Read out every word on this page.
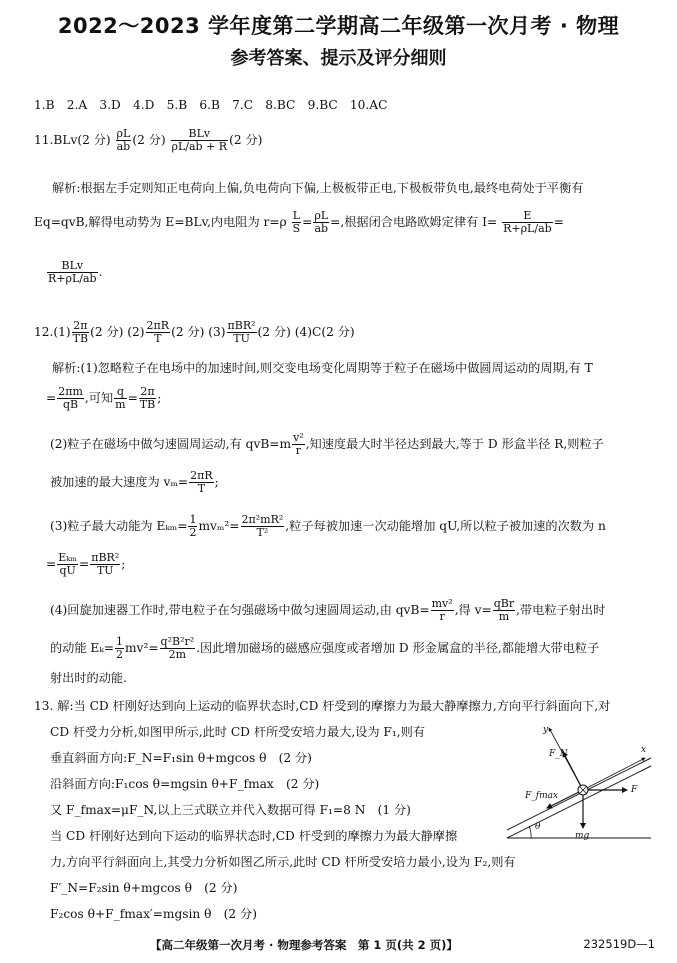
2022～2023 学年度第二学期高二年级第一次月考 · 物理
参考答案、提示及评分细则
1.B　2.A　3.D　4.D　5.B　6.B　7.C　8.BC　9.BC　10.AC
11.BLv(2 分) $\frac{\rho L}{ab} (2$ 分)	BLv
ρL/ab + R (2 分)
解析:根据左手定则知正电荷向上偏,负电荷向下偏,上极板带正电,下极板带负电,最终电荷处于平衡有
Eq=qvB,解得电动势为 E=BLv,内电阻为 $r=\rho \frac{L}{S} = \frac{\rho L}{ab}$ =,根据闭合电路欧姆定律有 $I= \frac{E}{R+\rho L/ab}$ =
BLv
R+ρL/ab .
$12.(1) \frac{2\pi}{TB} (2$ 分) $(2) \frac{2\pi R}{T} (2$ 分) (3) πBR²
TU (2 分) (4)C(2 分)
解析:(1)忽略粒子在电场中的加速时间,则交变电场变化周期等于粒子在磁场中做圆周运动的周期,有 T
= $\frac{2\pi m}{qB}$ ,可知 $\frac{q}{m} = \frac{2\pi}{TB}$ ;
(2)粒子在磁场中做匀速圆周运动,有 $qvB=m \frac{\text{v²}}{r}$ ,知速度最大时半径达到最大,等于 D 形盒半径 R,则粒子
被加速的最大速度为 $v_m= \frac{2\pi R}{T}$ ;
(3)粒子最大动能为 $E_{km}= \frac{1}{2} mv_m^2= \frac{\text{2π²mR²}}{\text{T²}}$ ,粒子每被加速一次动能增加 qU,所以粒子被加速的次数为 n
= Eₖₘ
qU = πBR²
TU ;
(4)回旋加速器工作时,带电粒子在匀强磁场中做匀速圆周运动,由 $qvB= \frac{\text{mv²}}{r}$ ,得 v= qBr
m ,带电粒子射出时
的动能 $E_k= \frac{1}{2} mv^2= \frac{\text{q²B²r²}}{2m}$ .因此增加磁场的磁感应强度或者增加 D 形金属盒的半径,都能增大带电粒子
射出时的动能.
13. 解:当 CD 杆刚好达到向上运动的临界状态时,CD 杆受到的摩擦力为最大静摩擦力,方向平行斜面向下,对
CD 杆受力分析,如图甲所示,此时 CD 杆所受安培力最大,设为 F₁,则有
垂直斜面方向:F_N=F₁sin θ+mgcos θ　(2 分)
沿斜面方向:F₁cos θ=mgsin θ+F_fmax　(2 分)
又 F_fmax=μF_N,以上三式联立并代入数据可得 F₁=8 N　(1 分)
当 CD 杆刚好达到向下运动的临界状态时,CD 杆受到的摩擦力为最大静摩擦
力,方向平行斜面向上,其受力分析如图乙所示,此时 CD 杆所受安培力最小,设为 F₂,则有
F′_N=F₂sin θ+mgcos θ　(2 分)
F₂cos θ+F_fmax′=mgsin θ　(2 分)
y
x
F_N
F
F_fmax
mg
θ
【高二年级第一次月考 · 物理参考答案　第 1 页(共 2 页)】	232519D—1
